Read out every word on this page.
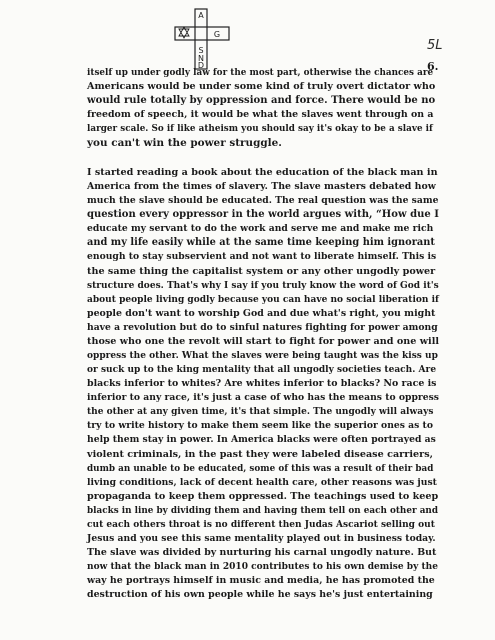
A
G
S
N
D
5L
6.
itself up under godly law for the most part, otherwise the chances are
Americans would be under some kind of truly overt dictator who
would rule totally by oppression and force. There would be no
freedom of speech, it would be what the slaves went through on a
larger scale. So if like atheism you should say it's okay to be a slave if
you can't win the power struggle.
I started reading a book about the education of the black man in
America from the times of slavery. The slave masters debated how
much the slave should be educated. The real question was the same
question every oppressor in the world argues with, “How due I
educate my servant to do the work and serve me and make me rich
and my life easily while at the same time keeping him ignorant
enough to stay subservient and not want to liberate himself. This is
the same thing the capitalist system or any other ungodly power
structure does. That's why I say if you truly know the word of God it's
about people living godly because you can have no social liberation if
people don't want to worship God and due what's right, you might
have a revolution but do to sinful natures fighting for power among
those who one the revolt will start to fight for power and one will
oppress the other. What the slaves were being taught was the kiss up
or suck up to the king mentality that all ungodly societies teach. Are
blacks inferior to whites? Are whites inferior to blacks? No race is
inferior to any race, it's just a case of who has the means to oppress
the other at any given time, it's that simple. The ungodly will always
try to write history to make them seem like the superior ones as to
help them stay in power. In America blacks were often portrayed as
violent criminals, in the past they were labeled disease carriers,
dumb an unable to be educated, some of this was a result of their bad
living conditions, lack of decent health care, other reasons was just
propaganda to keep them oppressed. The teachings used to keep
blacks in line by dividing them and having them tell on each other and
cut each others throat is no different then Judas Ascariot selling out
Jesus and you see this same mentality played out in business today.
The slave was divided by nurturing his carnal ungodly nature. But
now that the black man in 2010 contributes to his own demise by the
way he portrays himself in music and media, he has promoted the
destruction of his own people while he says he's just entertaining
